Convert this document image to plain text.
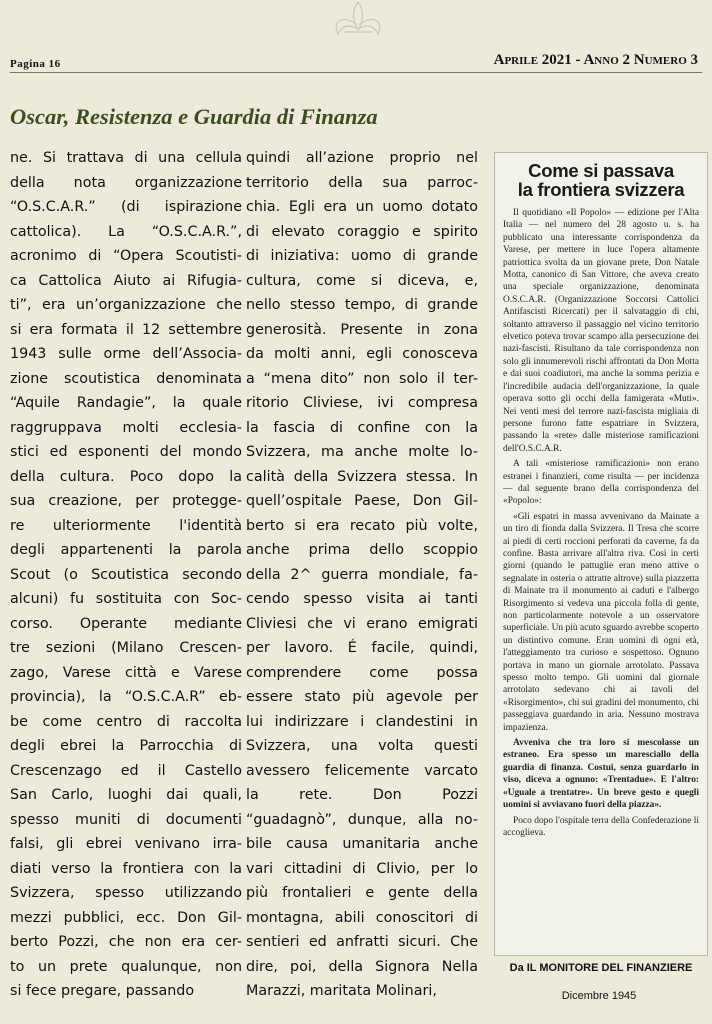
Pagina 16	Aprile 2021 - Anno 2 Numero 3
Oscar, Resistenza e Guardia di Finanza
ne. Si trattava di una cellula
della nota organizzazione
“O.S.C.A.R.” (di ispirazione
cattolica). La “O.S.C.A.R.”,
acronimo di “Opera Scoutisti-
ca Cattolica Aiuto ai Rifugia-
ti”, era un’organizzazione che
si era formata il 12 settembre
1943 sulle orme dell’Associa-
zione scoutistica denominata
“Aquile Randagie”, la quale
raggruppava molti ecclesia-
stici ed esponenti del mondo
della cultura. Poco dopo la
sua creazione, per protegge-
re ulteriormente l'identità
degli appartenenti la parola
Scout (o Scoutistica secondo
alcuni) fu sostituita con Soc-
corso. Operante mediante
tre sezioni (Milano Crescen-
zago, Varese città e Varese
provincia), la “O.S.C.A.R” eb-
be come centro di raccolta
degli ebrei la Parrocchia di
Crescenzago ed il Castello
San Carlo, luoghi dai quali,
spesso muniti di documenti
falsi, gli ebrei venivano irra-
diati verso la frontiera con la
Svizzera, spesso utilizzando
mezzi pubblici, ecc. Don Gil-
berto Pozzi, che non era cer-
to un prete qualunque, non
si fece pregare, passando
quindi all’azione proprio nel
territorio della sua parroc-
chia. Egli era un uomo dotato
di elevato coraggio e spirito
di iniziativa: uomo di grande
cultura, come si diceva, e,
nello stesso tempo, di grande
generosità. Presente in zona
da molti anni, egli conosceva
a “mena dito” non solo il ter-
ritorio Cliviese, ivi compresa
la fascia di confine con la
Svizzera, ma anche molte lo-
calità della Svizzera stessa. In
quell’ospitale Paese, Don Gil-
berto si era recato più volte,
anche prima dello scoppio
della 2^ guerra mondiale, fa-
cendo spesso visita ai tanti
Cliviesi che vi erano emigrati
per lavoro. É facile, quindi,
comprendere come possa
essere stato più agevole per
lui indirizzare i clandestini in
Svizzera, una volta questi
avessero felicemente varcato
la rete. Don Pozzi
“guadagnò”, dunque, alla no-
bile causa umanitaria anche
vari cittadini di Clivio, per lo
più frontalieri e gente della
montagna, abili conoscitori di
sentieri ed anfratti sicuri. Che
dire, poi, della Signora Nella
Marazzi, maritata Molinari,
Come si passava
la frontiera svizzera

Il quotidiano «Il Popolo» — edizione per l'Alta Italia — nel numero del 28 agosto u. s. ha pubblicato una interessante corrispondenza da Varese, per mettere in luce l'opera altamente patriottica svolta da un giovane prete, Don Natale Motta, canonico di San Vittore, che aveva creato una speciale organizzazione, denominata O.S.C.A.R. (Organizzazione Soccorsi Cattolici Antifascisti Ricercati) per il salvataggio di chi, soltanto attraverso il passaggio nel vicino territorio elvetico poteva trovar scampo alla persecuzione dei nazi-fascisti. Risultano da tale corrispondenza non solo gli innumerevoli rischi affrontati da Don Motta e dai suoi coadiutori, ma anche la somma perizia e l'incredibile audacia dell'organizzazione, la quale operava sotto gli occhi della famigerata «Muti». Nei venti mesi del terrore nazi-fascista migliaia di persone furono fatte espatriare in Svizzera, passando la «rete» dalle misteriose ramificazioni dell'O.S.C.A.R.

A tali «misteriose ramificazioni» non erano estranei i finanzieri, come risulta — per incidenza — dal seguente brano della corrispondenza del «Popolo»:

«Gli espatri in massa avvenivano da Mainate a un tiro di fionda dalla Svizzera. Il Tresa che scorre ai piedi di certi roccioni perforati da caverne, fa da confine. Basta arrivare all'altra riva. Così in certi giorni (quando le pattuglie eran meno attive o segnalate in osteria o attratte altrove) sulla piazzetta di Mainate tra il monumento ai caduti e l'albergo Risorgimento si vedeva una piccola folla di gente, non particolarmente notevole a un osservatore superficiale. Un più acuto sguardo avrebbe scoperto un distintivo comune. Eran uomini di ogni età, l'atteggiamento tra curioso e sospettoso. Ognuno portava in mano un giornale arrotolato. Passava spesso molto tempo. Gli uomini dal giornale arrotolato sedevano chi ai tavoli del «Risorgimento», chi sui gradini del monumento, chi passeggiava guardando in aria. Nessuno mostrava impazienza.

Avveniva che tra loro si mescolasse un estraneo. Era spesso un maresciallo della guardia di finanza. Costui, senza guardarlo in viso, diceva a ognuno: «Trentadue». E l'altro: «Uguale a trentatre». Un breve gesto e quegli uomini si avviavano fuori della piazza».

Poco dopo l'ospitale terra della Confederazione li accoglieva.

Da IL MONITORE DEL FINANZIERE
Dicembre 1945
